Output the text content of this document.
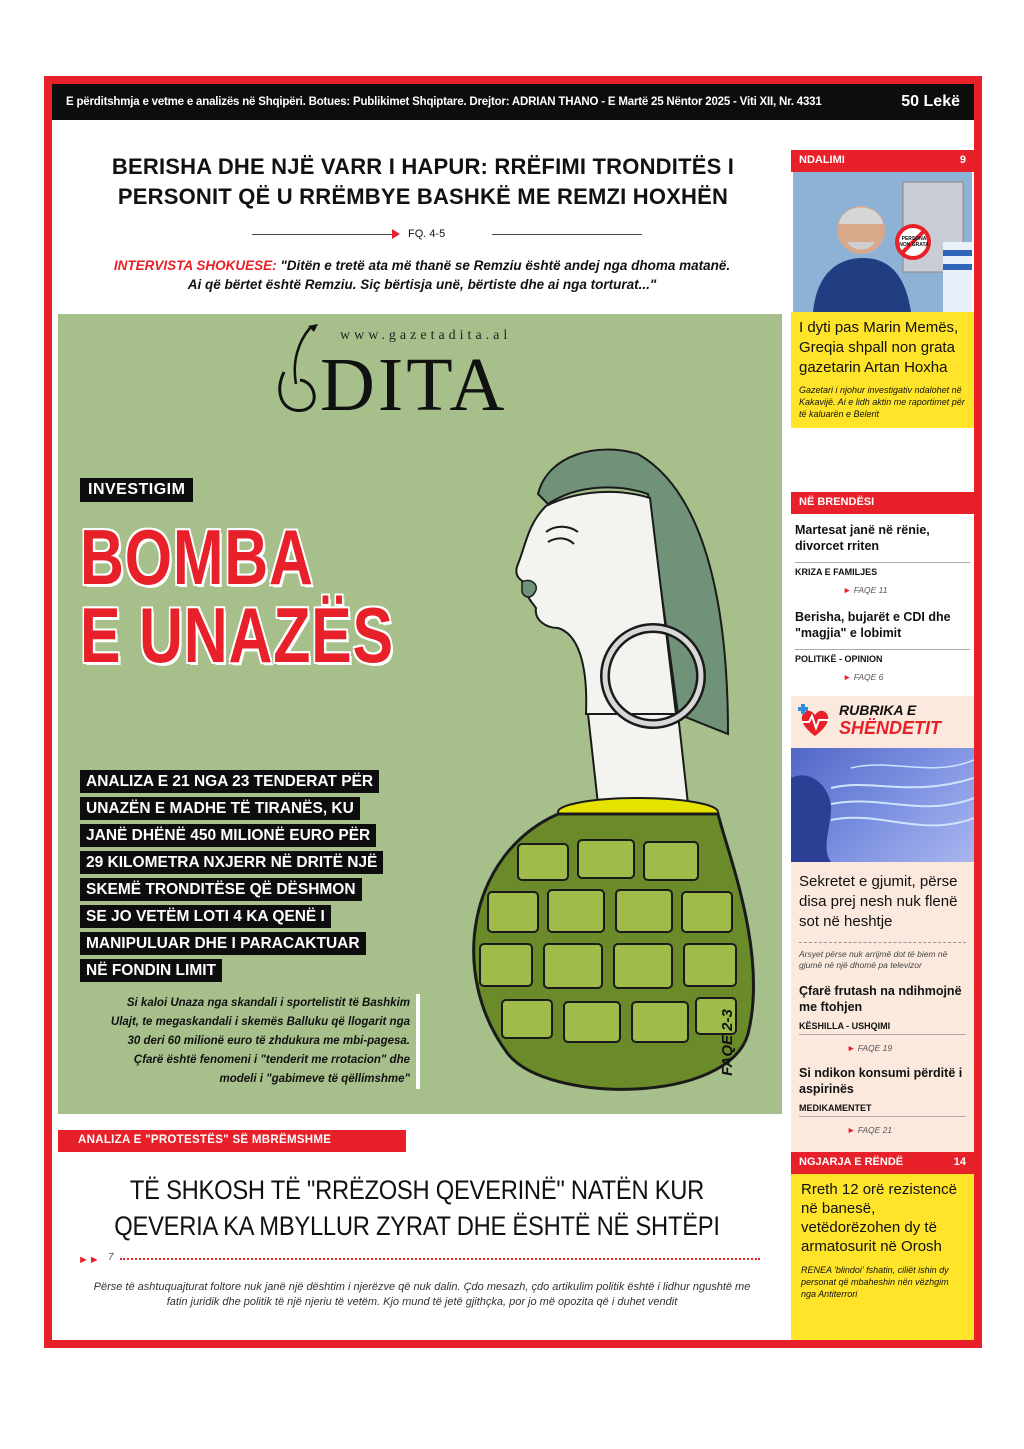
E përditshmja e vetme e analizës në Shqipëri. Botues: Publikimet Shqiptare. Drejtor: ADRIAN THANO - E Martë 25 Nëntor 2025 - Viti XII, Nr. 4331	50 Lekë
BERISHA DHE NJË VARR I HAPUR: RRËFIMI TRONDITËS I
PERSONIT QË U RRËMBYE BASHKË ME REMZI HOXHËN
FQ. 4-5
INTERVISTA SHOKUESE: "Ditën e tretë ata më thanë se Remziu është andej nga dhoma matanë.
Ai që bërtet është Remziu. Siç bërtisja unë, bërtiste dhe ai nga torturat..."
www.gazetadita.al
DITA
INVESTIGIM
BOMBA
E UNAZËS
ANALIZA E 21 NGA 23 TENDERAT PËR
UNAZËN E MADHE TË TIRANËS, KU
JANË DHËNË 450 MILIONË EURO PËR
29 KILOMETRA NXJERR NË DRITË NJË
SKEMË TRONDITËSE QË DËSHMON
SE JO VETËM LOTI 4 KA QENË I
MANIPULUAR DHE I PARACAKTUAR
NË FONDIN LIMIT
Si kaloi Unaza nga skandali i sportelistit të Bashkim Ulajt, te megaskandali i skemës Balluku që llogarit nga 30 deri 60 milionë euro të zhdukura me mbi-pagesa. Çfarë është fenomeni i "tenderit me rrotacion" dhe modeli i "gabimeve të qëllimshme"
FAQE 2-3
ANALIZA E "PROTESTËS" SË MBRËMSHME
TË SHKOSH TË "RRËZOSH QEVERINË" NATËN KUR
QEVERIA KA MBYLLUR ZYRAT DHE ËSHTË NË SHTËPI
►► 7
Përse të ashtuquajturat foltore nuk janë një dështim i njerëzve që nuk dalin. Çdo mesazh, çdo artikulim politik është i lidhur ngushtë me fatin juridik dhe politik të një njeriu të vetëm. Kjo mund të jetë gjithçka, por jo më opozita që i duhet vendit
NDALIMI	9
PERSONA NON GRATA
I dyti pas Marin Memës, Greqia shpall non grata gazetarin Artan Hoxha
Gazetari i njohur investigativ ndalohet në Kakavijë. Ai e lidh aktin me raportimet për të kaluarën e Belerit
NË BRENDËSI
Martesat janë në rënie, divorcet rriten
KRIZA E FAMILJES
► FAQE 11
Berisha, bujarët e CDI dhe "magjia" e lobimit
POLITIKË - OPINION
► FAQE 6
RUBRIKA E
SHËNDETIT
Sekretet e gjumit, përse disa prej nesh nuk flenë sot në heshtje
Arsyet përse nuk arrijmë dot të biem në gjumë në një dhomë pa televizor
Çfarë frutash na ndihmojnë me ftohjen
KËSHILLA - USHQIMI
► FAQE 19
Si ndikon konsumi përditë i aspirinës
MEDIKAMENTET
► FAQE 21
NGJARJA E RËNDË	14
Rreth 12 orë rezistencë në banesë, vetëdorëzohen dy të armatosurit në Orosh
RENEA 'blindoi' fshatin, ciliët ishin dy personat që mbaheshin nën vëzhgim nga Antiterrori
